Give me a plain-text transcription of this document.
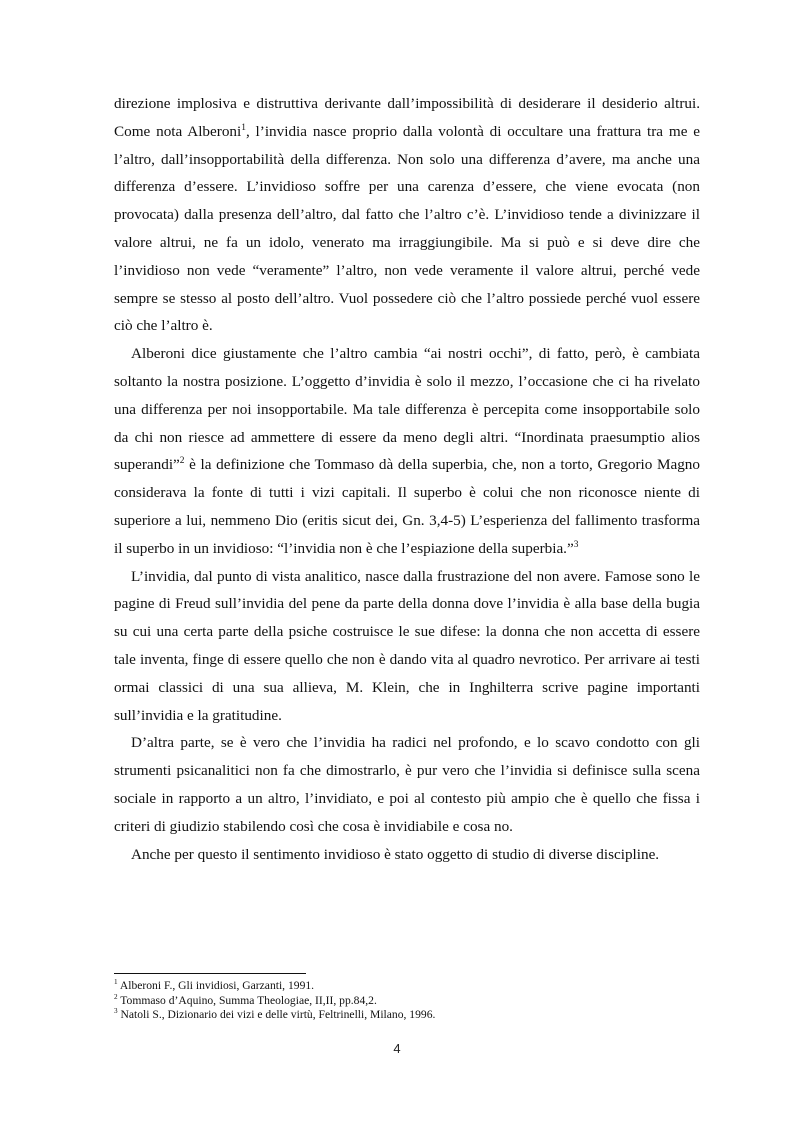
direzione implosiva e distruttiva derivante dall’impossibilità di desiderare il desiderio altrui. Come nota Alberoni$^1$, l’invidia nasce proprio dalla volontà di occultare una frattura tra me e l’altro, dall’insopportabilità della differenza. Non solo una differenza d’avere, ma anche una differenza d’essere. L’invidioso soffre per una carenza d’essere, che viene evocata (non provocata) dalla presenza dell’altro, dal fatto che l’altro c’è. L’invidioso tende a divinizzare il valore altrui, ne fa un idolo, venerato ma irraggiungibile. Ma si può e si deve dire che l’invidioso non vede “veramente” l’altro, non vede veramente il valore altrui, perché vede sempre se stesso al posto dell’altro. Vuol possedere ciò che l’altro possiede perché vuol essere ciò che l’altro è.

Alberoni dice giustamente che l’altro cambia “ai nostri occhi”, di fatto, però, è cambiata soltanto la nostra posizione. L’oggetto d’invidia è solo il mezzo, l’occasione che ci ha rivelato una differenza per noi insopportabile. Ma tale differenza è percepita come insopportabile solo da chi non riesce ad ammettere di essere da meno degli altri. “Inordinata praesumptio alios superandi”$^2$ è la definizione che Tommaso dà della superbia, che, non a torto, Gregorio Magno considerava la fonte di tutti i vizi capitali. Il superbo è colui che non riconosce niente di superiore a lui, nemmeno Dio (eritis sicut dei, Gn. 3,4-5) L’esperienza del fallimento trasforma il superbo in un invidioso: “l’invidia non è che l’espiazione della superbia.”$^3$

L’invidia, dal punto di vista analitico, nasce dalla frustrazione del non avere. Famose sono le pagine di Freud sull’invidia del pene da parte della donna dove l’invidia è alla base della bugia su cui una certa parte della psiche costruisce le sue difese: la donna che non accetta di essere tale inventa, finge di essere quello che non è dando vita al quadro nevrotico. Per arrivare ai testi ormai classici di una sua allieva, M. Klein, che in Inghilterra scrive pagine importanti sull’invidia e la gratitudine.

D’altra parte, se è vero che l’invidia ha radici nel profondo, e lo scavo condotto con gli strumenti psicanalitici non fa che dimostrarlo, è pur vero che l’invidia si definisce sulla scena sociale in rapporto a un altro, l’invidiato, e poi al contesto più ampio che è quello che fissa i criteri di giudizio stabilendo così che cosa è invidiabile e cosa no.

Anche per questo il sentimento invidioso è stato oggetto di studio di diverse discipline.

$^1$ Alberoni F., Gli invidiosi, Garzanti, 1991.

$^2$ Tommaso d’Aquino, Summa Theologiae, II,II, pp.84,2.

$^3$ Natoli S., Dizionario dei vizi e delle virtù, Feltrinelli, Milano, 1996.

4
